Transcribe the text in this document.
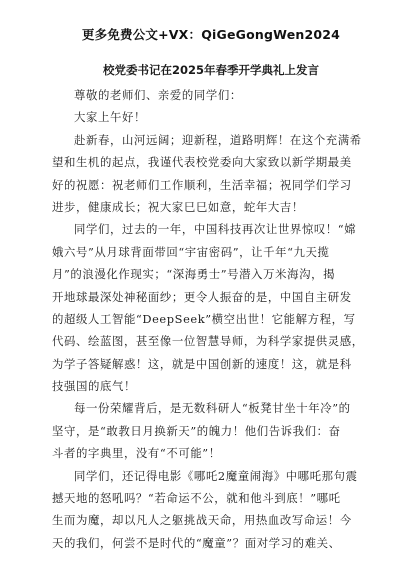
更多免费公文+VX：QiGeGongWen2024
校党委书记在2025年春季开学典礼上发言
尊敬的老师们、亲爱的同学们：
大家上午好！
赴新春，山河远阔；迎新程，道路明辉！在这个充满希
望和生机的起点，我谨代表校党委向大家致以新学期最美
好的祝愿：祝老师们工作顺利，生活幸福；祝同学们学习
进步，健康成长；祝大家巳巳如意，蛇年大吉！
同学们，过去的一年，中国科技再次让世界惊叹！“嫦
娥六号”从月球背面带回“宇宙密码”，让千年“九天揽
月”的浪漫化作现实；“深海勇士”号潜入万米海沟，揭
开地球最深处神秘面纱；更令人振奋的是，中国自主研发
的超级人工智能“DeepSeek”横空出世！它能解方程，写
代码、绘蓝图，甚至像一位智慧导师，为科学家提供灵感，
为学子答疑解惑！这，就是中国创新的速度！这，就是科
技强国的底气！
每一份荣耀背后，是无数科研人“板凳甘坐十年冷”的
坚守，是“敢教日月换新天”的魄力！他们告诉我们：奋
斗者的字典里，没有“不可能”！
同学们，还记得电影《哪吒2魔童闹海》中哪吒那句震
撼天地的怒吼吗？“若命运不公，就和他斗到底！”哪吒
生而为魔，却以凡人之躯挑战天命，用热血改写命运！今
天的我们，何尝不是时代的“魔童”？面对学习的难关、
